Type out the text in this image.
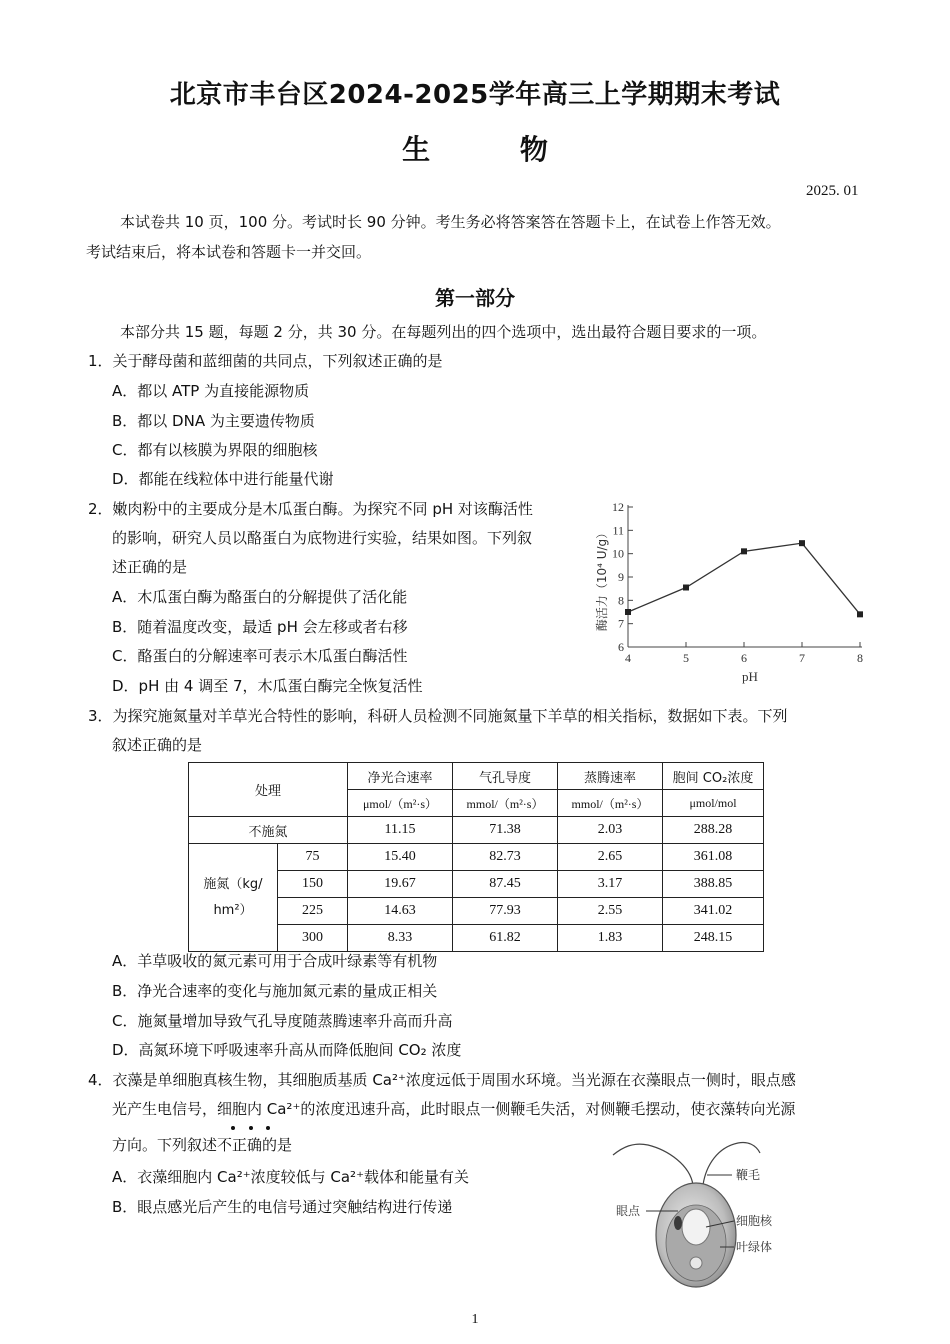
北京市丰台区2024-2025学年高三上学期期末考试
生 物
2025. 01
本试卷共 10 页，100 分。考试时长 90 分钟。考生务必将答案答在答题卡上，在试卷上作答无效。
考试结束后，将本试卷和答题卡一并交回。
第一部分
本部分共 15 题，每题 2 分，共 30 分。在每题列出的四个选项中，选出最符合题目要求的一项。
1．关于酵母菌和蓝细菌的共同点，下列叙述正确的是
A．都以 ATP 为直接能源物质
B．都以 DNA 为主要遗传物质
C．都有以核膜为界限的细胞核
D．都能在线粒体中进行能量代谢
2．嫩肉粉中的主要成分是木瓜蛋白酶。为探究不同 pH 对该酶活性
的影响，研究人员以酪蛋白为底物进行实验，结果如图。下列叙
述正确的是
A．木瓜蛋白酶为酪蛋白的分解提供了活化能
B．随着温度改变，最适 pH 会左移或者右移
C．酪蛋白的分解速率可表示木瓜蛋白酶活性
D．pH 由 4 调至 7，木瓜蛋白酶完全恢复活性
酶活力（10⁴ U/g）
pH
6
7
8
9
10
11
12
4	5	6	7	8
3．为探究施氮量对羊草光合特性的影响，科研人员检测不同施氮量下羊草的相关指标，数据如下表。下列
叙述正确的是
处理		净光合速率	气孔导度	蒸腾速率	胞间 CO₂浓度
		μmol/（m²·s）	mmol/（m²·s）	mmol/（m²·s）	μmol/mol
不施氮		11.15	71.38	2.03	288.28

施氮（kg/
hm²）	75	15.40	82.73	2.65	361.08
	150	19.67	87.45	3.17	388.85
	225	14.63	77.93	2.55	341.02
	300	8.33	61.82	1.83	248.15
A．羊草吸收的氮元素可用于合成叶绿素等有机物
B．净光合速率的变化与施加氮元素的量成正相关
C．施氮量增加导致气孔导度随蒸腾速率升高而升高
D．高氮环境下呼吸速率升高从而降低胞间 CO₂ 浓度
4．衣藻是单细胞真核生物，其细胞质基质 Ca²⁺浓度远低于周围水环境。当光源在衣藻眼点一侧时，眼点感
光产生电信号，细胞内 Ca²⁺的浓度迅速升高，此时眼点一侧鞭毛失活，对侧鞭毛摆动，使衣藻转向光源
方向。下列叙述不正确的是
A．衣藻细胞内 Ca²⁺浓度较低与 Ca²⁺载体和能量有关
B．眼点感光后产生的电信号通过突触结构进行传递
鞭毛
眼点
细胞核
叶绿体
1
